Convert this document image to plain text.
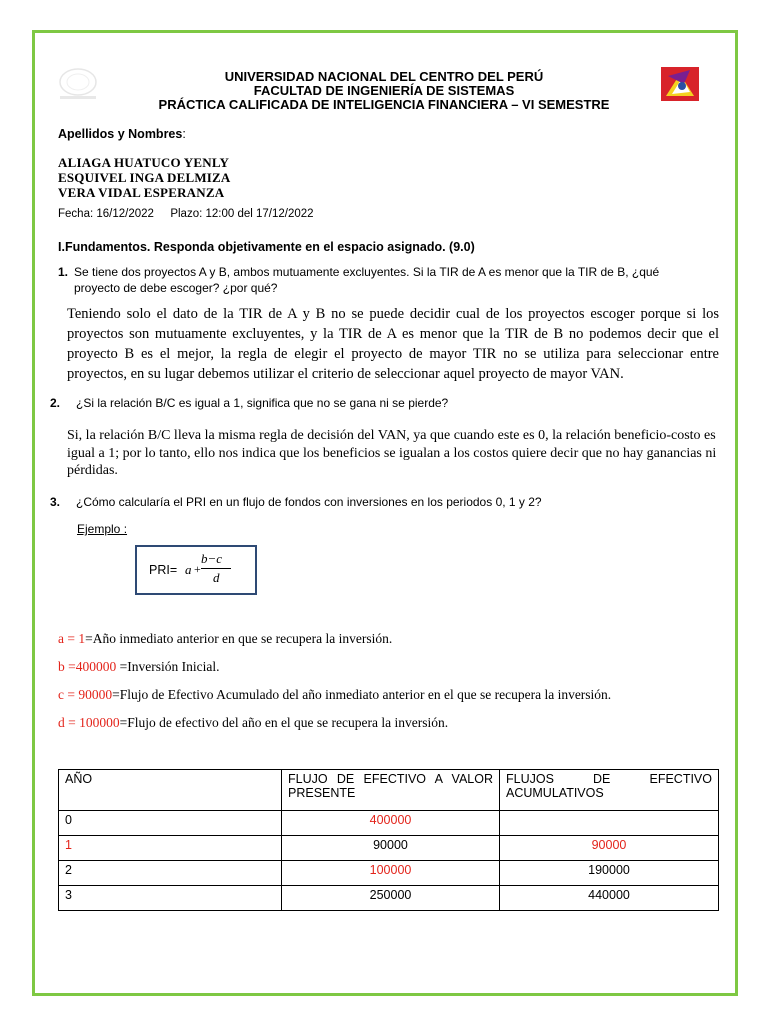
UNIVERSIDAD NACIONAL DEL CENTRO DEL PERÚ
FACULTAD DE INGENIERÍA DE SISTEMAS
PRÁCTICA CALIFICADA DE INTELIGENCIA FINANCIERA – VI SEMESTRE
Apellidos y Nombres:
ALIAGA HUATUCO YENLY
ESQUIVEL INGA DELMIZA
VERA VIDAL ESPERANZA
Fecha: 16/12/2022 Plazo: 12:00 del 17/12/2022
I.Fundamentos. Responda objetivamente en el espacio asignado. (9.0)
1. Se tiene dos proyectos A y B, ambos mutuamente excluyentes. Si la TIR de A es menor que la TIR de B, ¿qué
proyecto de debe escoger? ¿por qué?
Teniendo solo el dato de la TIR de A y B no se puede decidir cual de los proyectos escoger porque si los proyectos son mutuamente excluyentes, y la TIR de A es menor que la TIR de B no podemos decir que el proyecto B es el mejor, la regla de elegir el proyecto de mayor TIR no se utiliza para seleccionar entre proyectos, en su lugar debemos utilizar el criterio de seleccionar aquel proyecto de mayor VAN.
2. ¿Si la relación B/C es igual a 1, significa que no se gana ni se pierde?
Si, la relación B/C lleva la misma regla de decisión del VAN, ya que cuando este es 0, la relación beneficio-costo es igual a 1; por lo tanto, ello nos indica que los beneficios se igualan a los costos quiere decir que no hay ganancias ni pérdidas.
3. ¿Cómo calcularía el PRI en un flujo de fondos con inversiones en los periodos 0, 1 y 2?
Ejemplo :
PRI= a +
b−c
d
a = 1=Año inmediato anterior en que se recupera la inversión.
b =400000 =Inversión Inicial.
c = 90000=Flujo de Efectivo Acumulado del año inmediato anterior en el que se recupera la inversión.
d = 100000=Flujo de efectivo del año en el que se recupera la inversión.
AÑO	FLUJO DE EFECTIVO A VALOR PRESENTE	FLUJOS DE EFECTIVO ACUMULATIVOS
0	400000	
1	90000	90000
2	100000	190000
3	250000	440000
